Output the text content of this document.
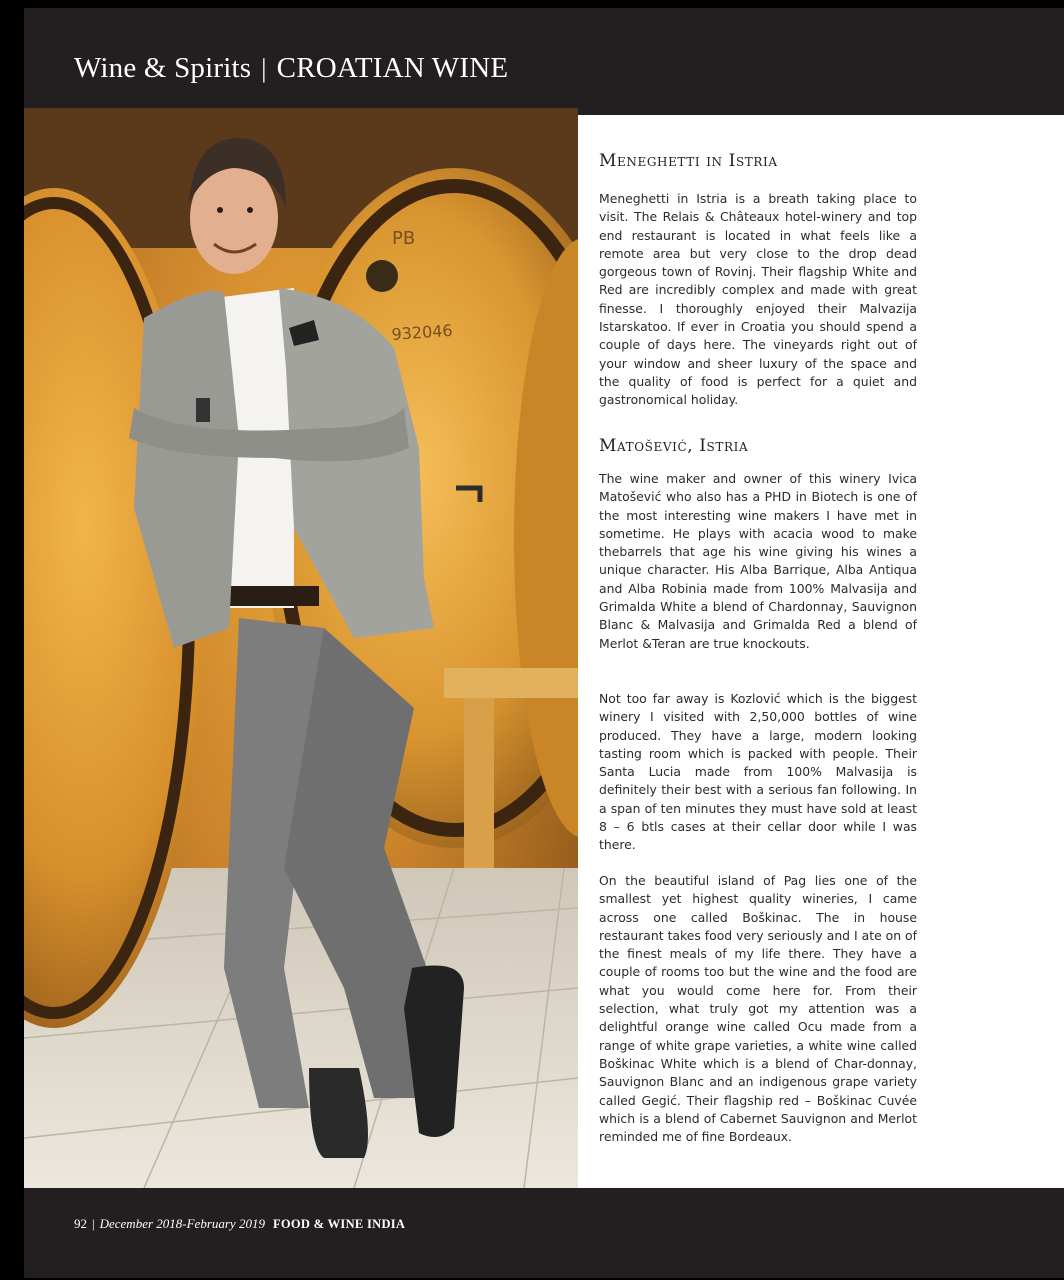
Wine & Spirits | CROATIAN WINE
PB
932046
Meneghetti in Istria

Meneghetti in Istria is a breath taking place to visit. The Relais & Châteaux hotel-winery and top end restaurant is located in what feels like a remote area but very close to the drop dead gorgeous town of Rovinj. Their flagship White and Red are incredibly complex and made with great finesse. I thoroughly enjoyed their Malvazija Istarskatoo. If ever in Croatia you should spend a couple of days here. The vineyards right out of your window and sheer luxury of the space and the quality of food is perfect for a quiet and gastronomical holiday.

Matošević, Istria

The wine maker and owner of this winery Ivica Matošević who also has a PHD in Biotech is one of the most interesting wine makers I have met in sometime. He plays with acacia wood to make thebarrels that age his wine giving his wines a unique character. His Alba Barrique, Alba Antiqua and Alba Robinia made from 100% Malvasija and Grimalda White a blend of Chardonnay, Sauvignon Blanc & Malvasija and Grimalda Red a blend of Merlot &Teran are true knockouts.

Not too far away is Kozlović which is the biggest winery I visited with 2,50,000 bottles of wine produced. They have a large, modern looking tasting room which is packed with people. Their Santa Lucia made from 100% Malvasija is definitely their best with a serious fan following. In a span of ten minutes they must have sold at least 8 – 6 btls cases at their cellar door while I was there.

On the beautiful island of Pag lies one of the smallest yet highest quality wineries, I came across one called Boškinac. The in house restaurant takes food very seriously and I ate on of the finest meals of my life there. They have a couple of rooms too but the wine and the food are what you would come here for. From their selection, what truly got my attention was a delightful orange wine called Ocu made from a range of white grape varieties, a white wine called Boškinac White which is a blend of Char-donnay, Sauvignon Blanc and an indigenous grape variety called Gegić. Their flagship red – Boškinac Cuvée which is a blend of Cabernet Sauvignon and Merlot reminded me of fine Bordeaux.

92 | December 2018-February 2019 FOOD & WINE INDIA
